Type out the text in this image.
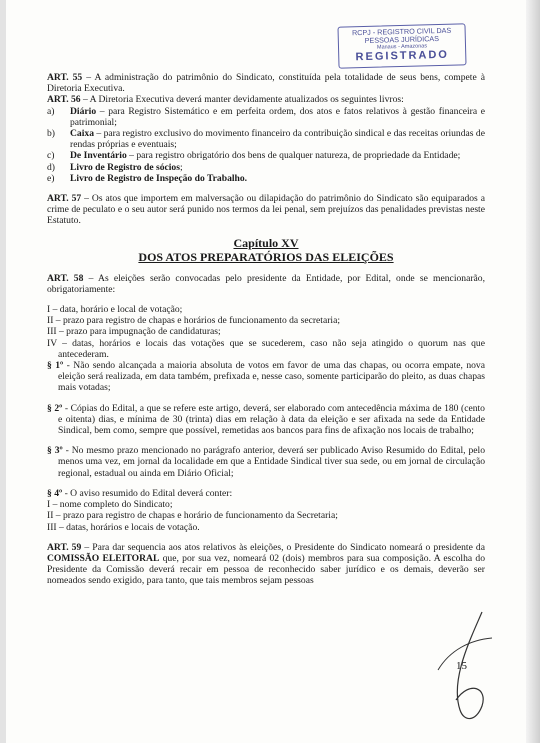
RCPJ - REGISTRO CIVIL DAS
PESSOAS JURÍDICAS
Manaus - Amazonas
REGISTRADO

ART. 55 – A administração do patrimônio do Sindicato, constituída pela totalidade de seus bens, compete à Diretoria Executiva.

ART. 56 – A Diretoria Executiva deverá manter devidamente atualizados os seguintes livros:

a)	Diário – para Registro Sistemático e em perfeita ordem, dos atos e fatos relativos à gestão financeira e patrimonial;
b)	Caixa – para registro exclusivo do movimento financeiro da contribuição sindical e das receitas oriundas de rendas próprias e eventuais;
c)	De Inventário – para registro obrigatório dos bens de qualquer natureza, de propriedade da Entidade;
d)	Livro de Registro de sócios;
e)	Livro de Registro de Inspeção do Trabalho.

ART. 57 – Os atos que importem em malversação ou dilapidação do patrimônio do Sindicato são equiparados a crime de peculato e o seu autor será punido nos termos da lei penal, sem prejuízos das penalidades previstas neste Estatuto.

Capítulo XV
DOS ATOS PREPARATÓRIOS DAS ELEIÇÕES

ART. 58 – As eleições serão convocadas pelo presidente da Entidade, por Edital, onde se mencionarão, obrigatoriamente:

I – data, horário e local de votação;

II – prazo para registro de chapas e horários de funcionamento da secretaria;

III – prazo para impugnação de candidaturas;

IV – datas, horários e locais das votações que se sucederem, caso não seja atingido o quorum nas que antecederam.

§ 1º - Não sendo alcançada a maioria absoluta de votos em favor de uma das chapas, ou ocorra empate, nova eleição será realizada, em data também, prefixada e, nesse caso, somente participarão do pleito, as duas chapas mais votadas;

§ 2º - Cópias do Edital, a que se refere este artigo, deverá, ser elaborado com antecedência máxima de 180 (cento e oitenta) dias, e mínima de 30 (trinta) dias em relação à data da eleição e ser afixada na sede da Entidade Sindical, bem como, sempre que possível, remetidas aos bancos para fins de afixação nos locais de trabalho;

§ 3º - No mesmo prazo mencionado no parágrafo anterior, deverá ser publicado Aviso Resumido do Edital, pelo menos uma vez, em jornal da localidade em que a Entidade Sindical tiver sua sede, ou em jornal de circulação regional, estadual ou ainda em Diário Oficial;

§ 4º - O aviso resumido do Edital deverá conter:

I – nome completo do Sindicato;

II – prazo para registro de chapas e horário de funcionamento da Secretaria;

III – datas, horários e locais de votação.

ART. 59 – Para dar sequencia aos atos relativos às eleições, o Presidente do Sindicato nomeará o presidente da COMISSÃO ELEITORAL que, por sua vez, nomeará 02 (dois) membros para sua composição. A escolha do Presidente da Comissão deverá recair em pessoa de reconhecido saber jurídico e os demais, deverão ser nomeados sendo exigido, para tanto, que tais membros sejam pessoas

15
